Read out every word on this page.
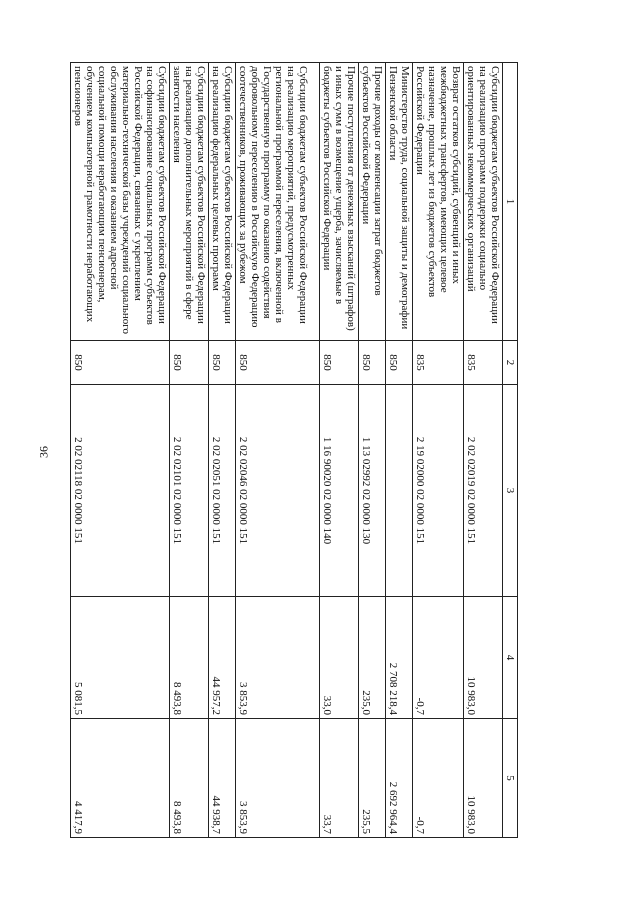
36
1	2	3	4	5
Субсидии бюджетам субъектов Российской Федерации на реализацию программ поддержки социально ориентированных некоммерческих организаций	835	2 02 02019 02 0000 151	10 983,0	10 983,0
Возврат остатков субсидий, субвенций и иных межбюджетных трансфертов, имеющих целевое назначение, прошлых лет из бюджетов субъектов Российской Федерации	835	2 19 02000 02 0000 151	-0,7	-0,7
Министерство труда, социальной защиты и демографии Пензенской области	850		2 708 218,4	2 692 964,4
Прочие доходы от компенсации затрат бюджетов субъектов Российской Федерации	850	1 13 02992 02 0000 130	235,0	235,5
Прочие поступления от денежных взысканий (штрафов) и иных сумм в возмещение ущерба, зачисляемые в бюджеты субъектов Российской Федерации	850	1 16 90020 02 0000 140	33,0	33,7
Субсидии бюджетам субъектов Российской Федерации на реализацию мероприятий, предусмотренных региональной программой переселения, включенной в Государственную программу по оказанию содействия добровольному переселению в Российскую Федерацию соотечественников, проживающих за рубежом	850	2 02 02046 02 0000 151	3 853,9	3 853,9
Субсидии бюджетам субъектов Российской Федерации на реализацию федеральных целевых программ	850	2 02 02051 02 0000 151	44 957,2	44 938,7
Субсидии бюджетам субъектов Российской Федерации на реализацию дополнительных мероприятий в сфере занятости населения	850	2 02 02101 02 0000 151	8 493,8	8 493,8
Субсидии бюджетам субъектов Российской Федерации на софинансирование социальных программ субъектов Российской Федерации, связанных с укреплением материально-технической базы учреждений социального обслуживания населения и оказанием адресной социальной помощи неработающим пенсионерам, обучением компьютерной грамотности неработающих пенсионеров	850	2 02 02118 02 0000 151	5 081,5	4 417,9
